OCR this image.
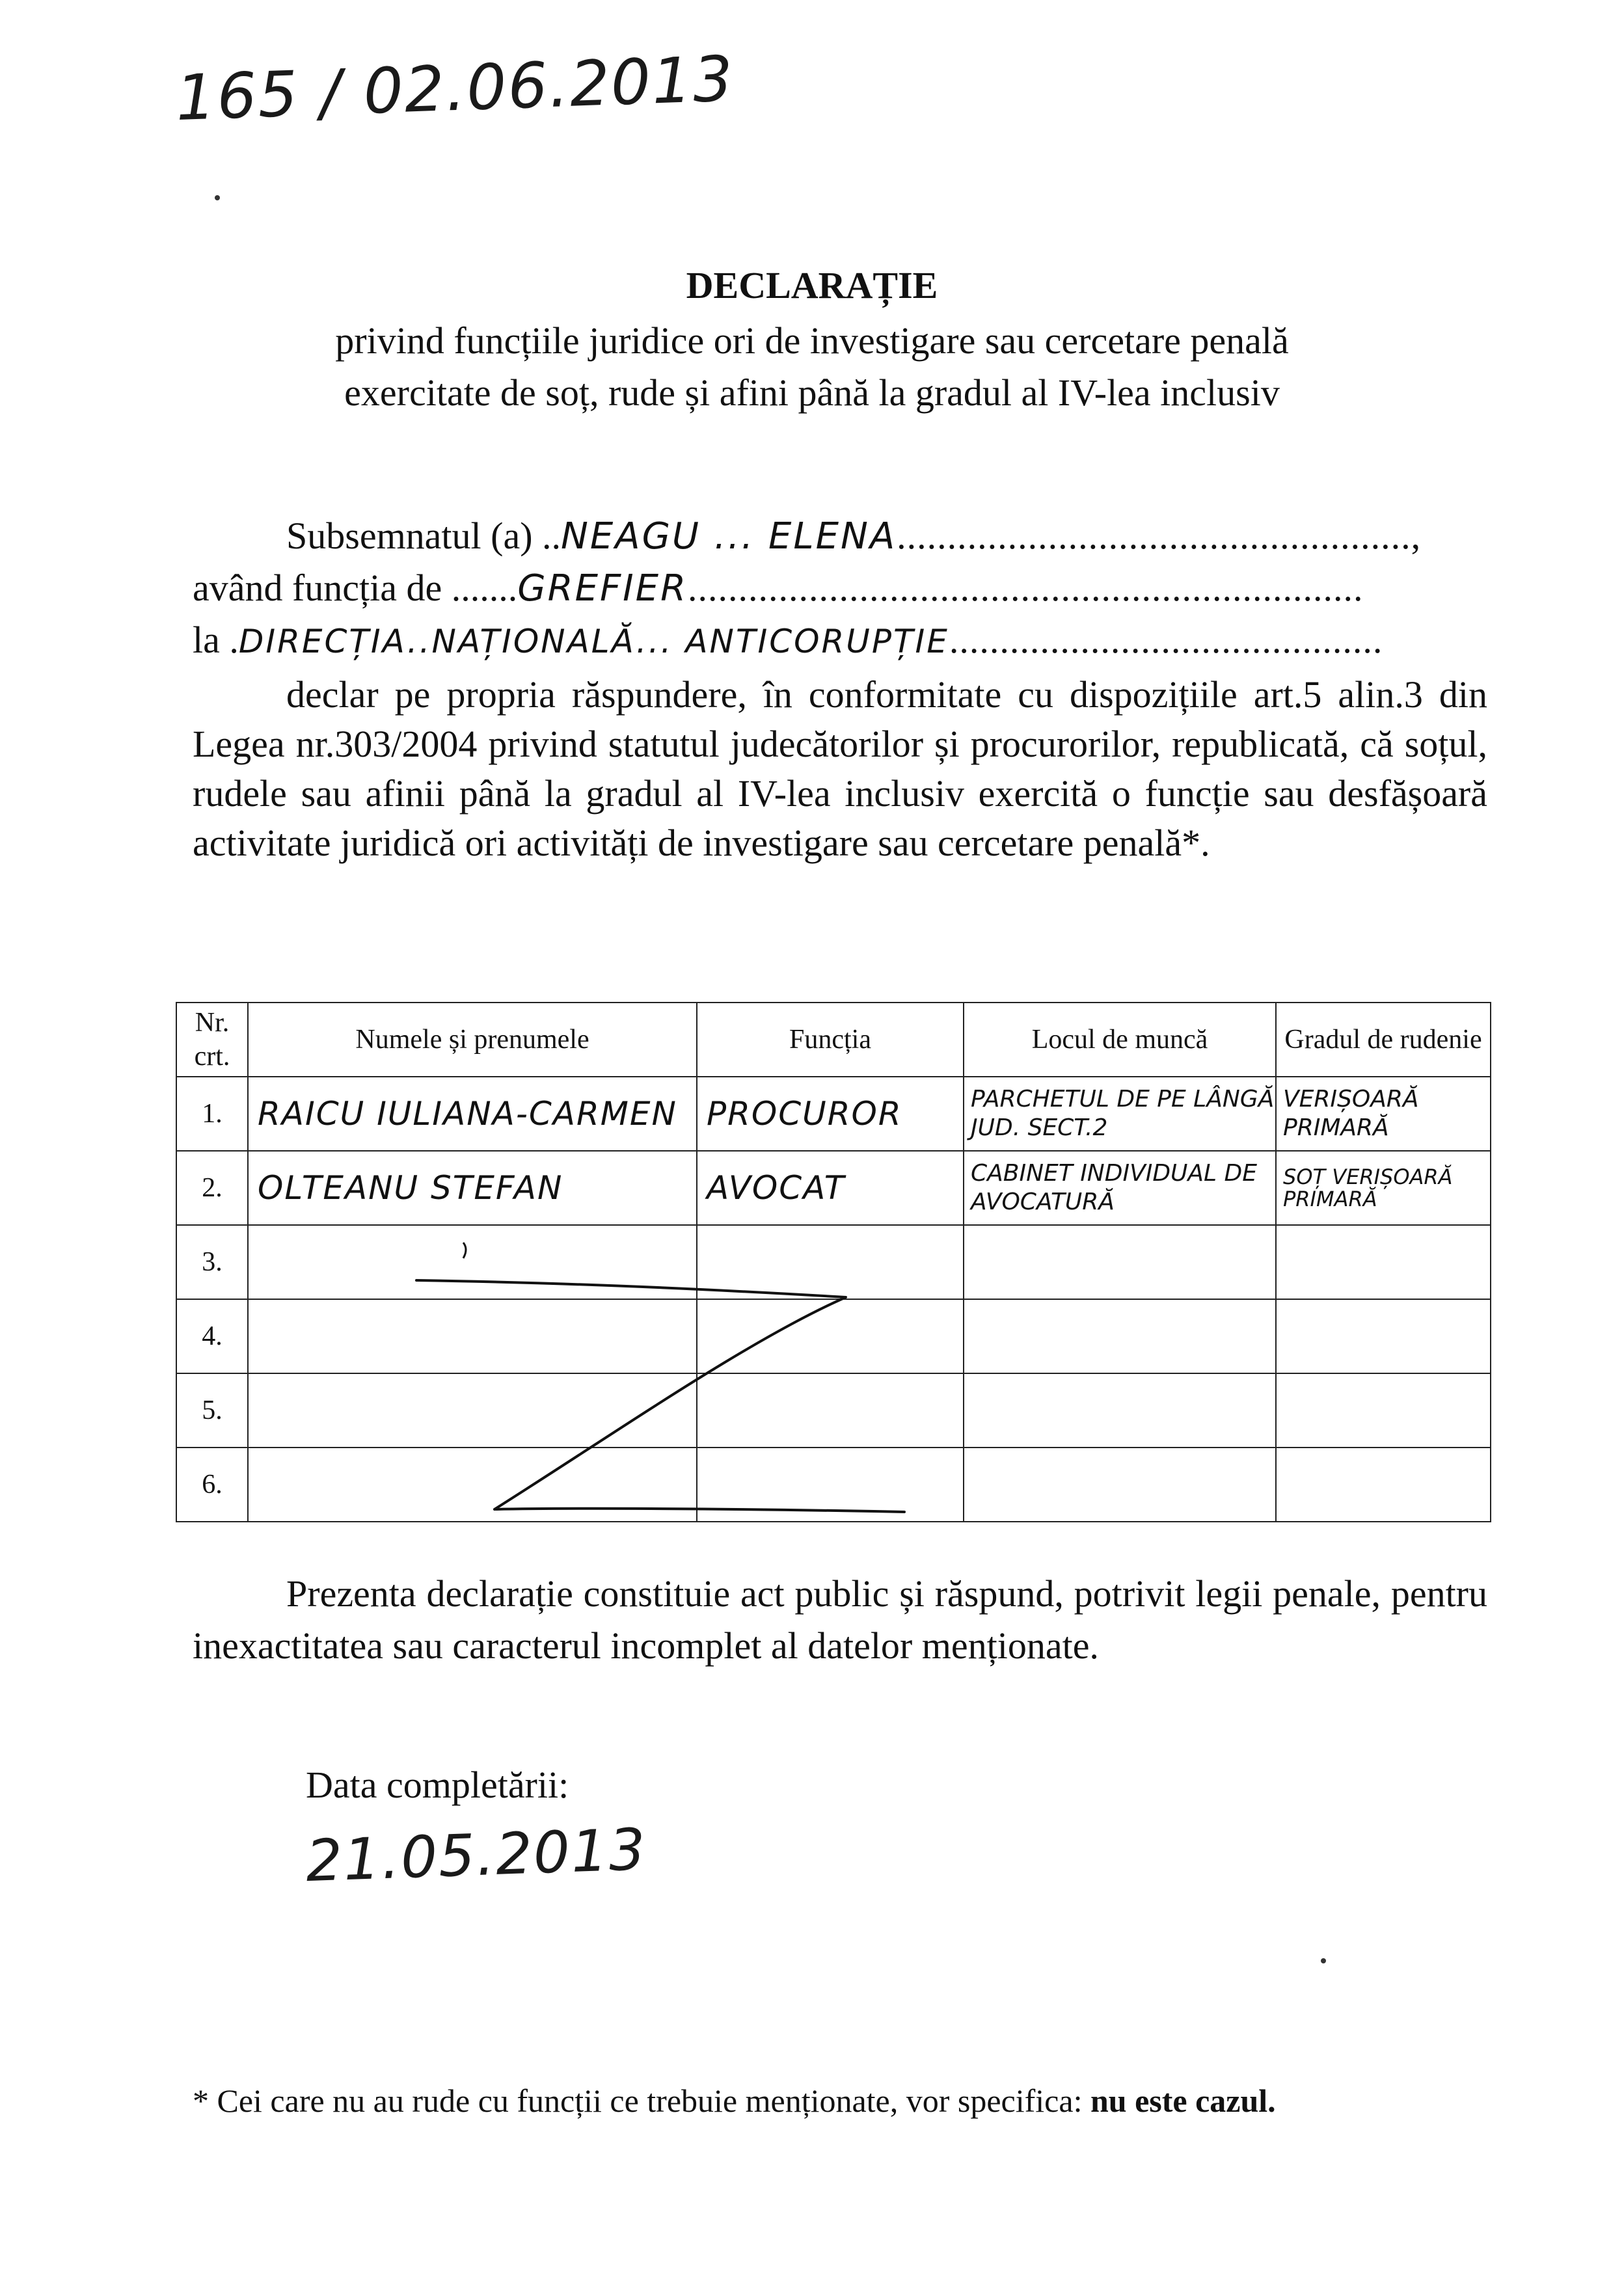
165 / 02.06.2013
DECLARAȚIE
privind funcțiile juridice ori de investigare sau cercetare penală
exercitate de soț, rude și afini până la gradul al IV-lea inclusiv
Subsemnatul (a) ..NEAGU ... ELENA...................................................,
având funcția de .......GREFIER...................................................................
la .DIRECȚIA..NAȚIONALĂ... ANTICORUPȚIE...........................................
declar pe propria răspundere, în conformitate cu dispozițiile art.5 alin.3 din Legea nr.303/2004 privind statutul judecătorilor și procurorilor, republicată, că soțul, rudele sau afinii până la gradul al IV-lea inclusiv exercită o funcție sau desfășoară activitate juridică ori activități de investigare sau cercetare penală*.
Nr. crt.	Numele și prenumele	Funcția	Locul de muncă	Gradul de rudenie
1.	RAICU IULIANA-CARMEN	PROCUROR	PARCHETUL DE PE LÂNGĂ JUD. SECT.2	VERIȘOARĂ PRIMARĂ
2.	OLTEANU STEFAN	AVOCAT	CABINET INDIVIDUAL DE AVOCATURĂ	SOȚ VERIȘOARĂ PRIMARĂ
3.				
4.				
5.				
6.				
Prezenta declarație constituie act public și răspund, potrivit legii penale, pentru inexactitatea sau caracterul incomplet al datelor menționate.
Data completării:
21.05.2013
* Cei care nu au rude cu funcții ce trebuie menționate, vor specifica: nu este cazul.
